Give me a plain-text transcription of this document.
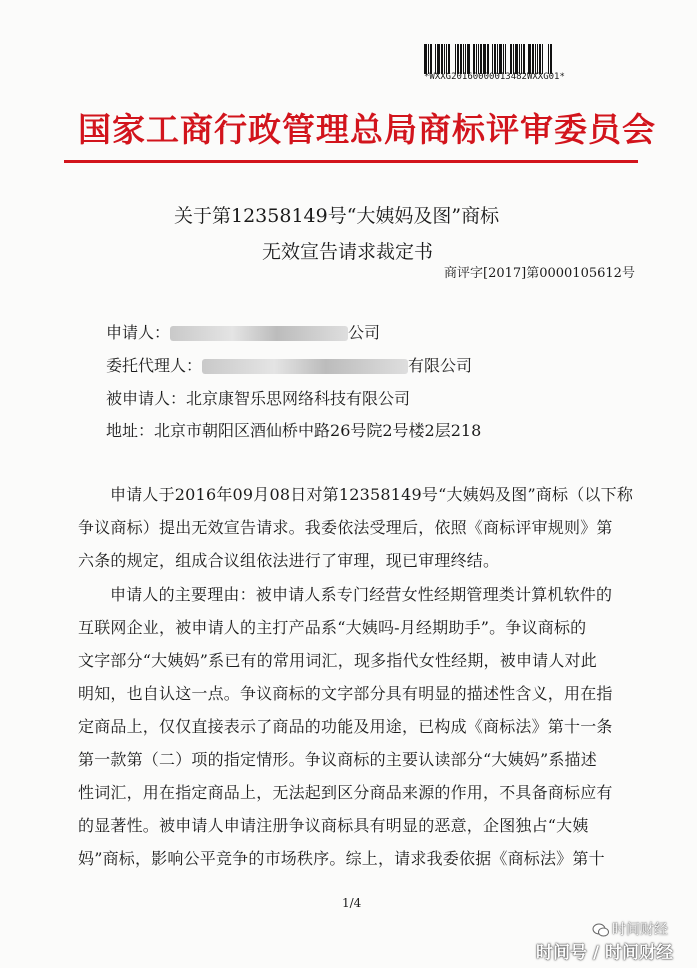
*WXXG20160000013482WXXG01*
国家工商行政管理总局商标评审委员会
关于第12358149号“大姨妈及图”商标
无效宣告请求裁定书
商评字[2017]第0000105612号
申请人：	公司
委托代理人：	有限公司
被申请人：北京康智乐思网络科技有限公司
地址：北京市朝阳区酒仙桥中路26号院2号楼2层218
申请人于2016年09月08日对第12358149号“大姨妈及图”商标（以下称
争议商标）提出无效宣告请求。我委依法受理后，依照《商标评审规则》第
六条的规定，组成合议组依法进行了审理，现已审理终结。
申请人的主要理由：被申请人系专门经营女性经期管理类计算机软件的
互联网企业，被申请人的主打产品系“大姨吗-月经期助手”。争议商标的
文字部分“大姨妈”系已有的常用词汇，现多指代女性经期，被申请人对此
明知，也自认这一点。争议商标的文字部分具有明显的描述性含义，用在指
定商品上，仅仅直接表示了商品的功能及用途，已构成《商标法》第十一条
第一款第（二）项的指定情形。争议商标的主要认读部分“大姨妈”系描述
性词汇，用在指定商品上，无法起到区分商品来源的作用，不具备商标应有
的显著性。被申请人申请注册争议商标具有明显的恶意，企图独占“大姨
妈”商标，影响公平竞争的市场秩序。综上，请求我委依据《商标法》第十
1/4
时间财经
时间号 / 时间财经
